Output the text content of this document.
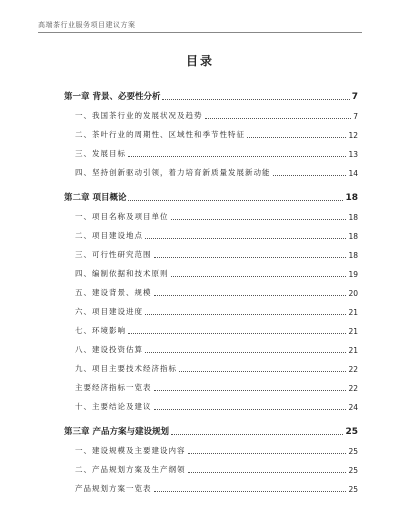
高端茶行业服务项目建议方案
目录
第一章 背景、必要性分析	7
一、我国茶行业的发展状况及趋势	7
二、茶叶行业的周期性、区域性和季节性特征	12
三、发展目标	13
四、坚持创新驱动引领，着力培育新质量发展新动能	14
第二章 项目概论	18
一、项目名称及项目单位	18
二、项目建设地点	18
三、可行性研究范围	18
四、编制依据和技术原则	19
五、建设背景、规模	20
六、项目建设进度	21
七、环境影响	21
八、建设投资估算	21
九、项目主要技术经济指标	22
主要经济指标一览表	22
十、主要结论及建议	24
第三章 产品方案与建设规划	25
一、建设规模及主要建设内容	25
二、产品规划方案及生产纲领	25
产品规划方案一览表	25
